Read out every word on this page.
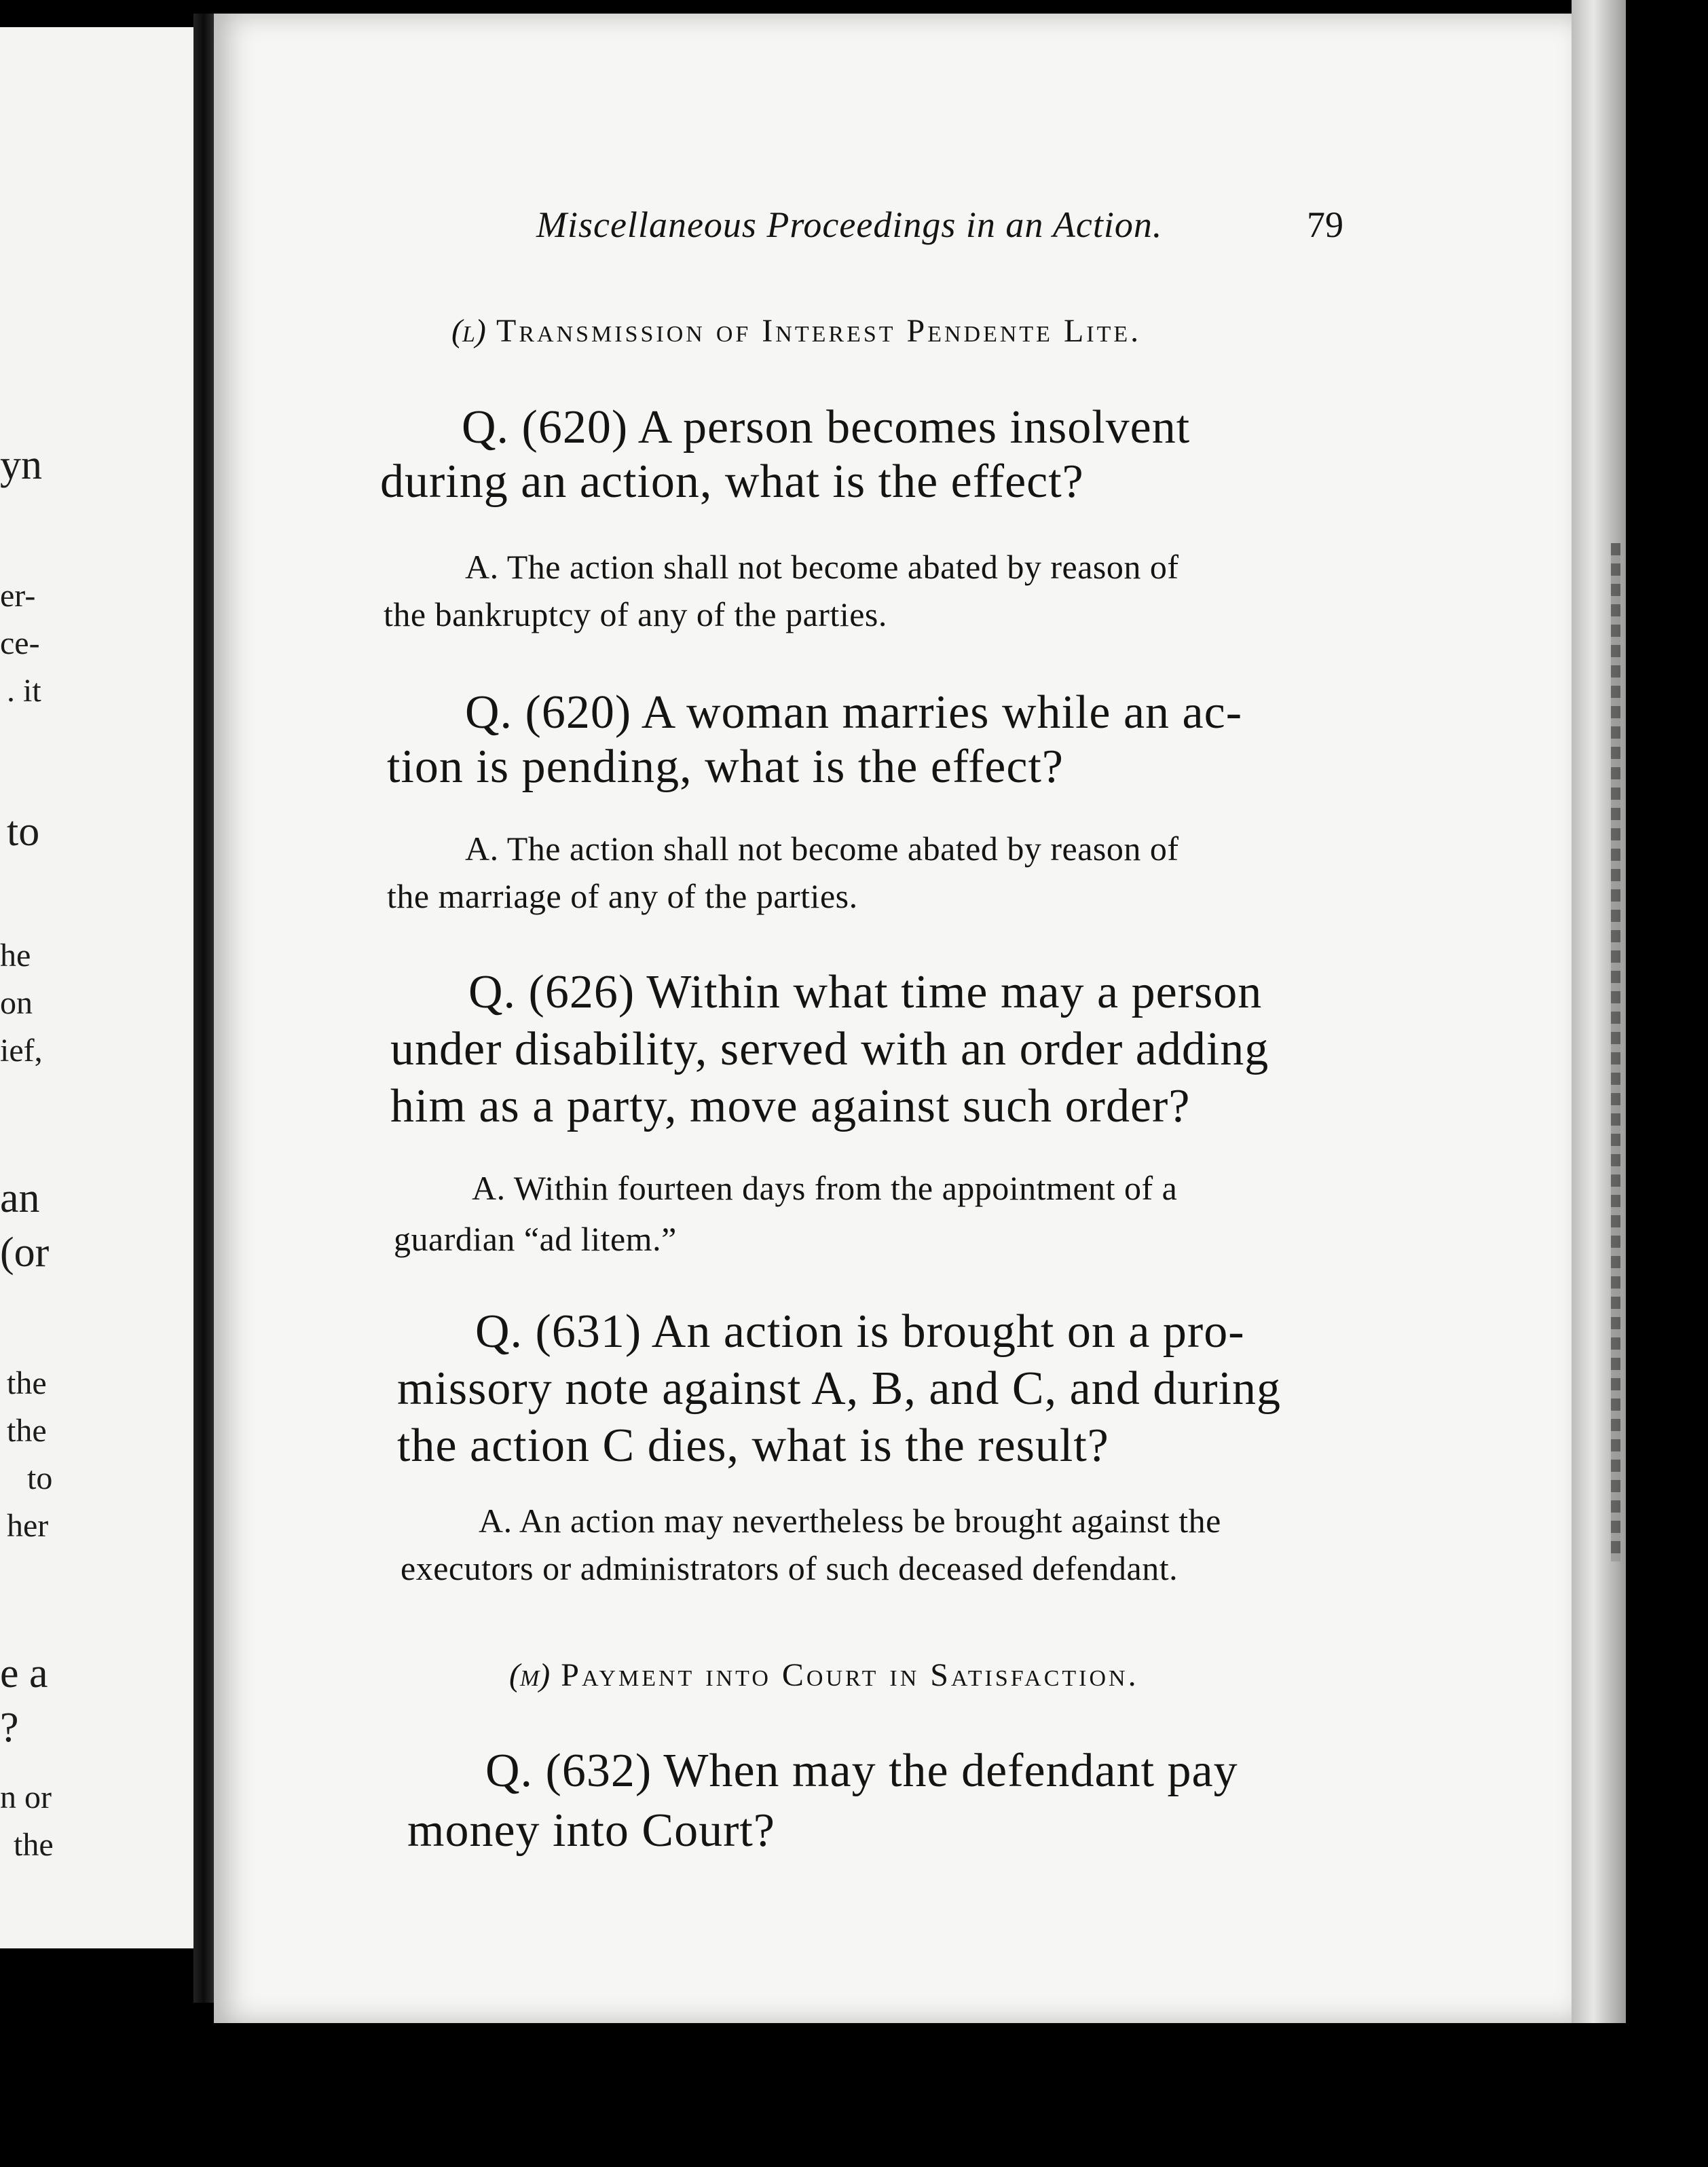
yn
er-
ce-
. it
to
he
on
ief,
an
(or
the
the
to
her
e a
?
n or
the
Miscellaneous Proceedings in an Action.	79
(l) Transmission of Interest Pendente Lite.

Q. (620) A person becomes insolvent

during an action, what is the effect?

A. The action shall not become abated by reason of

the bankruptcy of any of the parties.

Q. (620) A woman marries while an ac-

tion is pending, what is the effect?

A. The action shall not become abated by reason of

the marriage of any of the parties.

Q. (626) Within what time may a person

under disability, served with an order adding

him as a party, move against such order?

A. Within fourteen days from the appointment of a

guardian “ad litem.”

Q. (631) An action is brought on a pro-

missory note against A, B, and C, and during

the action C dies, what is the result?

A. An action may nevertheless be brought against the

executors or administrators of such deceased defendant.

(m) Payment into Court in Satisfaction.

Q. (632) When may the defendant pay

money into Court?
